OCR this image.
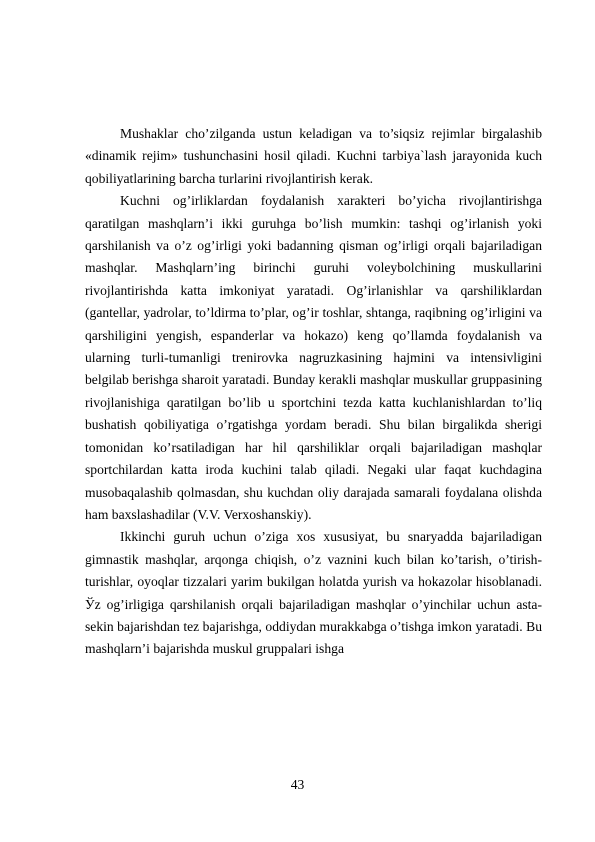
Mushaklar cho’zilganda ustun keladigan va to’siqsiz rejimlar birgalashib «dinamik rejim» tushunchasini hosil qiladi. Kuchni tarbiya`lash jarayonida kuch qobiliyatlarining barcha turlarini rivojlantirish kerak.

Kuchni og’irliklardan foydalanish xarakteri bo’yicha rivojlantirishga qaratilgan mashqlarn’i ikki guruhga bo’lish mumkin: tashqi og’irlanish yoki qarshilanish va o’z og’irligi yoki badanning qisman og’irligi orqali bajariladigan mashqlar. Mashqlarn’ing birinchi guruhi voleybolchining muskullarini rivojlantirishda katta imkoniyat yaratadi. Og’irlanishlar va qarshiliklardan (gantellar, yadrolar, to’ldirma to’plar, og’ir toshlar, shtanga, raqibning og’irligini va qarshiligini yengish, espanderlar va hokazo) keng qo’llamda foydalanish va ularning turli-tumanligi trenirovka nagruzkasining hajmini va intensivligini belgilab berishga sharoit yaratadi. Bunday kerakli mashqlar muskullar gruppasining rivojlanishiga qaratilgan bo’lib u sportchini tezda katta kuchlanishlardan to’liq bushatish qobiliyatiga o’rgatishga yordam beradi. Shu bilan birgalikda sherigi tomonidan ko’rsatiladigan har hil qarshiliklar orqali bajariladigan mashqlar sportchilardan katta iroda kuchini talab qiladi. Negaki ular faqat kuchdagina musobaqalashib qolmasdan, shu kuchdan oliy darajada samarali foydalana olishda ham baxslashadilar (V.V. Verxoshanskiy).

Ikkinchi guruh uchun o’ziga xos xususiyat, bu snaryadda bajariladigan gimnastik mashqlar, arqonga chiqish, o’z vaznini kuch bilan ko’tarish, o’tirish-turishlar, oyoqlar tizzalari yarim bukilgan holatda yurish va hokazolar hisoblanadi. Ўz og’irligiga qarshilanish orqali bajariladigan mashqlar o’yinchilar uchun asta-sekin bajarishdan tez bajarishga, oddiydan murakkabga o’tishga imkon yaratadi. Bu mashqlarn’i bajarishda muskul gruppalari ishga

43
